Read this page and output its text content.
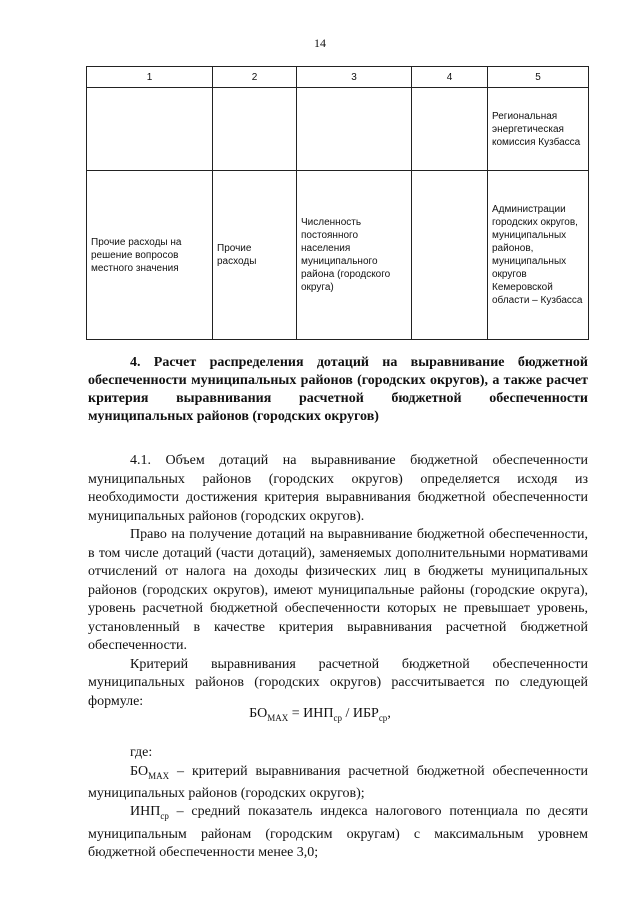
14
1	2	3	4	5
				Региональная энергетическая комиссия Кузбасса
Прочие расходы на решение вопросов местного значения	Прочие расходы	Численность постоянного населения муниципального района (городского округа)		Администрации городских округов, муниципальных районов, муниципальных округов Кемеровской области – Кузбасса
4. Расчет распределения дотаций на выравнивание бюджетной обеспеченности муниципальных районов (городских округов), а также расчет критерия выравнивания расчетной бюджетной обеспеченности муниципальных районов (городских округов)

4.1. Объем дотаций на выравнивание бюджетной обеспеченности муниципальных районов (городских округов) определяется исходя из необходимости достижения критерия выравнивания бюджетной обеспеченности муниципальных районов (городских округов).

Право на получение дотаций на выравнивание бюджетной обеспеченности, в том числе дотаций (части дотаций), заменяемых дополнительными нормативами отчислений от налога на доходы физических лиц в бюджеты муниципальных районов (городских округов), имеют муниципальные районы (городские округа), уровень расчетной бюджетной обеспеченности которых не превышает уровень, установленный в качестве критерия выравнивания расчетной бюджетной обеспеченности.

Критерий выравнивания расчетной бюджетной обеспеченности муниципальных районов (городских округов) рассчитывается по следующей формуле:

$БО_{MAX} = ИНП_{ср} / ИБР_{ср}$,

где:

$БО_{MAX}$ – критерий выравнивания расчетной бюджетной обеспеченности муниципальных районов (городских округов);

$ИНП_{ср}$ – средний показатель индекса налогового потенциала по десяти муниципальным районам (городским округам) с максимальным уровнем бюджетной обеспеченности менее 3,0;
